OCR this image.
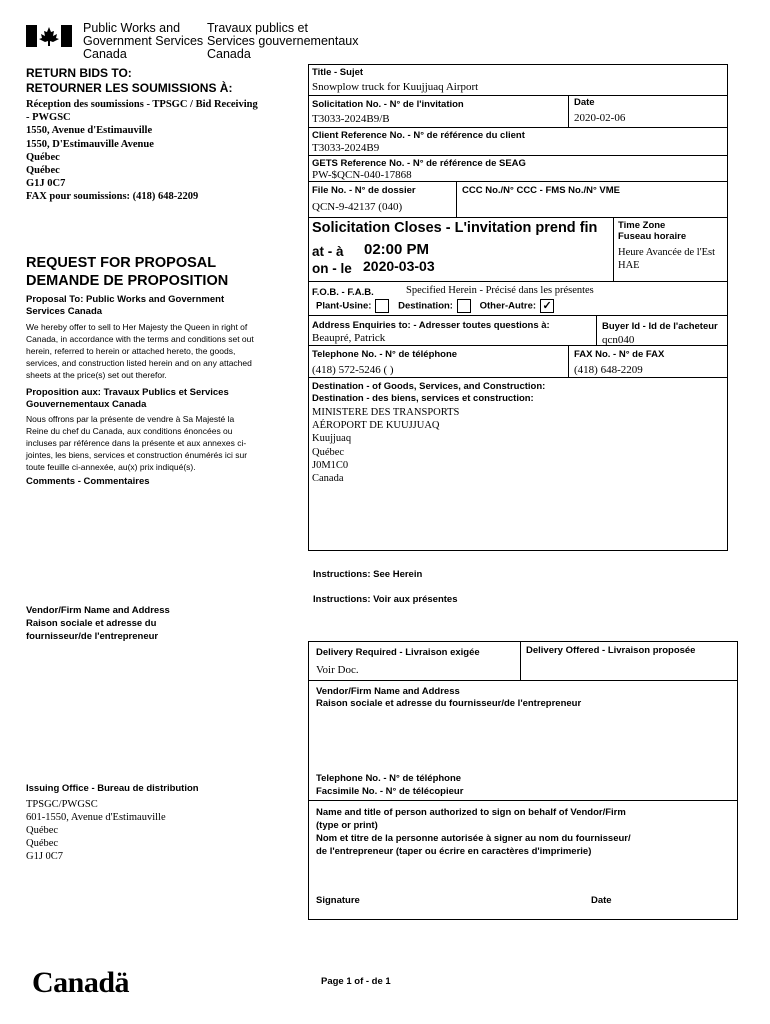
Public Works and
Government Services
Canada
Travaux publics et
Services gouvernementaux
Canada
RETURN BIDS TO:
RETOURNER LES SOUMISSIONS À:
Réception des soumissions - TPSGC / Bid Receiving
- PWGSC
1550, Avenue d'Estimauville
1550, D'Estimauville Avenue
Québec
Québec
G1J 0C7
FAX pour soumissions: (418) 648-2209
REQUEST FOR PROPOSAL
DEMANDE DE PROPOSITION
Proposal To: Public Works and Government Services Canada
We hereby offer to sell to Her Majesty the Queen in right of Canada, in accordance with the terms and conditions set out herein, referred to herein or attached hereto, the goods, services, and construction listed herein and on any attached sheets at the price(s) set out therefor.
Proposition aux: Travaux Publics et Services Gouvernementaux Canada
Nous offrons par la présente de vendre à Sa Majesté la Reine du chef du Canada, aux conditions énoncées ou incluses par référence dans la présente et aux annexes ci-jointes, les biens, services et construction énumérés ici sur toute feuille ci-annexée, au(x) prix indiqué(s).
Comments - Commentaires
Vendor/Firm Name and Address
Raison sociale et adresse du
fournisseur/de l'entrepreneur
Issuing Office - Bureau de distribution
TPSGC/PWGSC
601-1550, Avenue d'Estimauville
Québec
Québec
G1J 0C7
Title - Sujet
Snowplow truck for Kuujjuaq Airport
Solicitation No. - N° de l'invitation
T3033-2024B9/B
Date
2020-02-06
Client Reference No. - N° de référence du client
T3033-2024B9
GETS Reference No. - N° de référence de SEAG
PW-$QCN-040-17868
File No. - N° de dossier
QCN-9-42137 (040)
CCC No./N° CCC - FMS No./N° VME
Solicitation Closes - L'invitation prend fin
at - à 02:00 PM
on - le 2020-03-03
Time Zone
Fuseau horaire
Heure Avancée de l'Est HAE
F.O.B. - F.A.B.	Specified Herein - Précisé dans les présentes
Plant-Usine:	Destination:	Other-Autre: ✓
Address Enquiries to: - Adresser toutes questions à:
Beaupré, Patrick
Buyer Id - Id de l'acheteur
qcn040
Telephone No. - N° de téléphone
(418) 572-5246 ( )
FAX No. - N° de FAX
(418) 648-2209
Destination - of Goods, Services, and Construction:
Destination - des biens, services et construction:
MINISTERE DES TRANSPORTS
AÉROPORT DE KUUJJUAQ
Kuujjuaq
Québec
J0M1C0
Canada
Instructions: See Herein
Instructions: Voir aux présentes
Delivery Required - Livraison exigée
Voir Doc.
Delivery Offered - Livraison proposée
Vendor/Firm Name and Address
Raison sociale et adresse du fournisseur/de l'entrepreneur
Telephone No. - N° de téléphone
Facsimile No. - N° de télécopieur
Name and title of person authorized to sign on behalf of Vendor/Firm
(type or print)
Nom et titre de la personne autorisée à signer au nom du fournisseur/
de l'entrepreneur (taper ou écrire en caractères d'imprimerie)
Signature	Date
Canadä	Page 1 of - de 1
